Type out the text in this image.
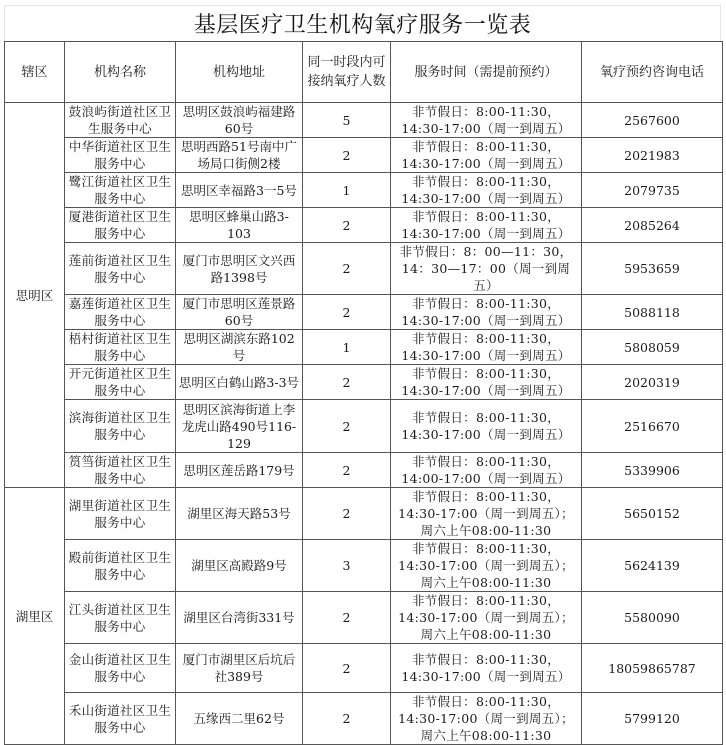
基层医疗卫生机构氧疗服务一览表
辖区	机构名称	机构地址	同一时段内可接纳氧疗人数	服务时间（需提前预约）	氧疗预约咨询电话
思明区	鼓浪屿街道社区卫生服务中心	思明区鼓浪屿福建路60号	5	非节假日：8:00-11:30，14:30-17:00（周一到周五）	2567600
	中华街道社区卫生服务中心	思明西路51号南中广场局口街侧2楼	2	非节假日：8:00-11:30，14:30-17:00（周一到周五）	2021983
	鹭江街道社区卫生服务中心	思明区幸福路3一5号	1	非节假日：8:00-11:30，14:30-17:00（周一到周五）	2079735
	厦港街道社区卫生服务中心	思明区蜂巢山路3-103	2	非节假日：8:00-11:30，14:30-17:00（周一到周五）	2085264
	莲前街道社区卫生服务中心	厦门市思明区文兴西路1398号	2	非节假日：8：00—11：30，14：30—17：00（周一到周五）	5953659
	嘉莲街道社区卫生服务中心	厦门市思明区莲景路60号	2	非节假日：8:00-11:30，14:30-17:00（周一到周五）	5088118
	梧村街道社区卫生服务中心	思明区湖滨东路102号	1	非节假日：8:00-11:30，14:30-17:00（周一到周五）	5808059
	开元街道社区卫生服务中心	思明区白鹤山路3-3号	2	非节假日：8:00-11:30，14:30-17:00（周一到周五）	2020319
	滨海街道社区卫生服务中心	思明区滨海街道上李龙虎山路490号116-129	2	非节假日：8:00-11:30，14:30-17:00（周一到周五）	2516670
	筼筜街道社区卫生服务中心	思明区莲岳路179号	2	非节假日：8:00-11:30，14:00-17:00（周一到周五）	5339906
湖里区	湖里街道社区卫生服务中心	湖里区海天路53号	2	非节假日：8:00-11:30，14:30-17:00（周一到周五）；周六上午08:00-11:30	5650152
	殿前街道社区卫生服务中心	湖里区高殿路9号	3	非节假日：8:00-11:30，14:30-17:00（周一到周五）；周六上午08:00-11:30	5624139
	江头街道社区卫生服务中心	湖里区台湾街331号	2	非节假日：8:00-11:30，14:30-17:00（周一到周五）；周六上午08:00-11:30	5580090
	金山街道社区卫生服务中心	厦门市湖里区后坑后社389号	2	非节假日：8:00-11:30，14:30-17:00（周一到周五）	18059865787
	禾山街道社区卫生服务中心	五缘西二里62号	2	非节假日：8:00-11:30，14:30-17:00（周一到周五）；周六上午08:00-11:30	5799120
